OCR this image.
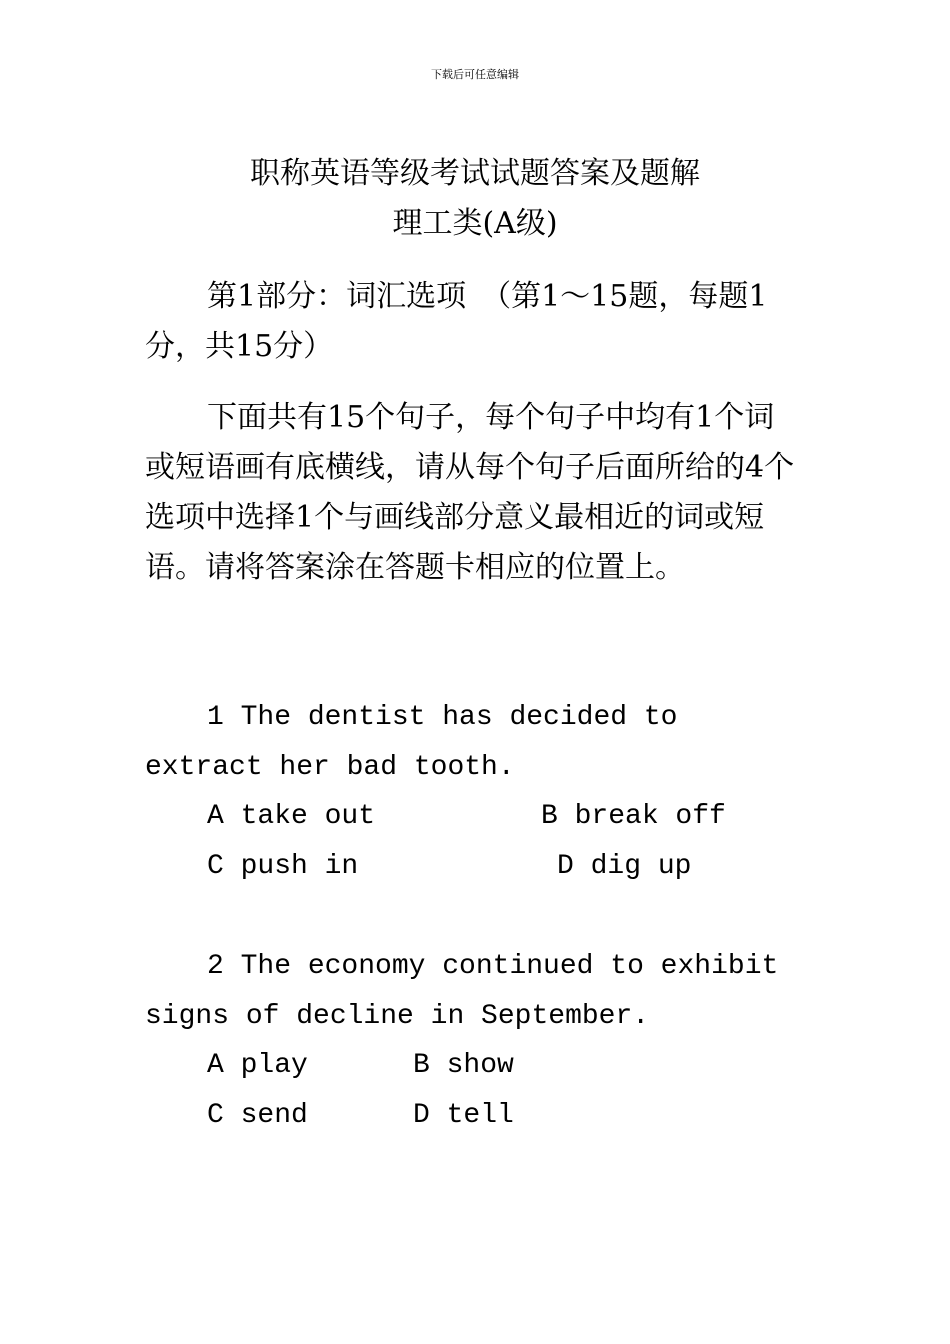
下载后可任意编辑
职称英语等级考试试题答案及题解
理工类(A级)

第1部分：词汇选项　（第1～15题，每题1分，共15分）

下面共有15个句子，每个句子中均有1个词或短语画有底横线，请从每个句子后面所给的4个选项中选择1个与画线部分意义最相近的词或短语。请将答案涂在答题卡相应的位置上。

1 The dentist has decided to extract her bad tooth.

A take out	B break off
C push in	D dig up

2 The economy continued to exhibit signs of decline in September.

A play	B show
C send	D tell
